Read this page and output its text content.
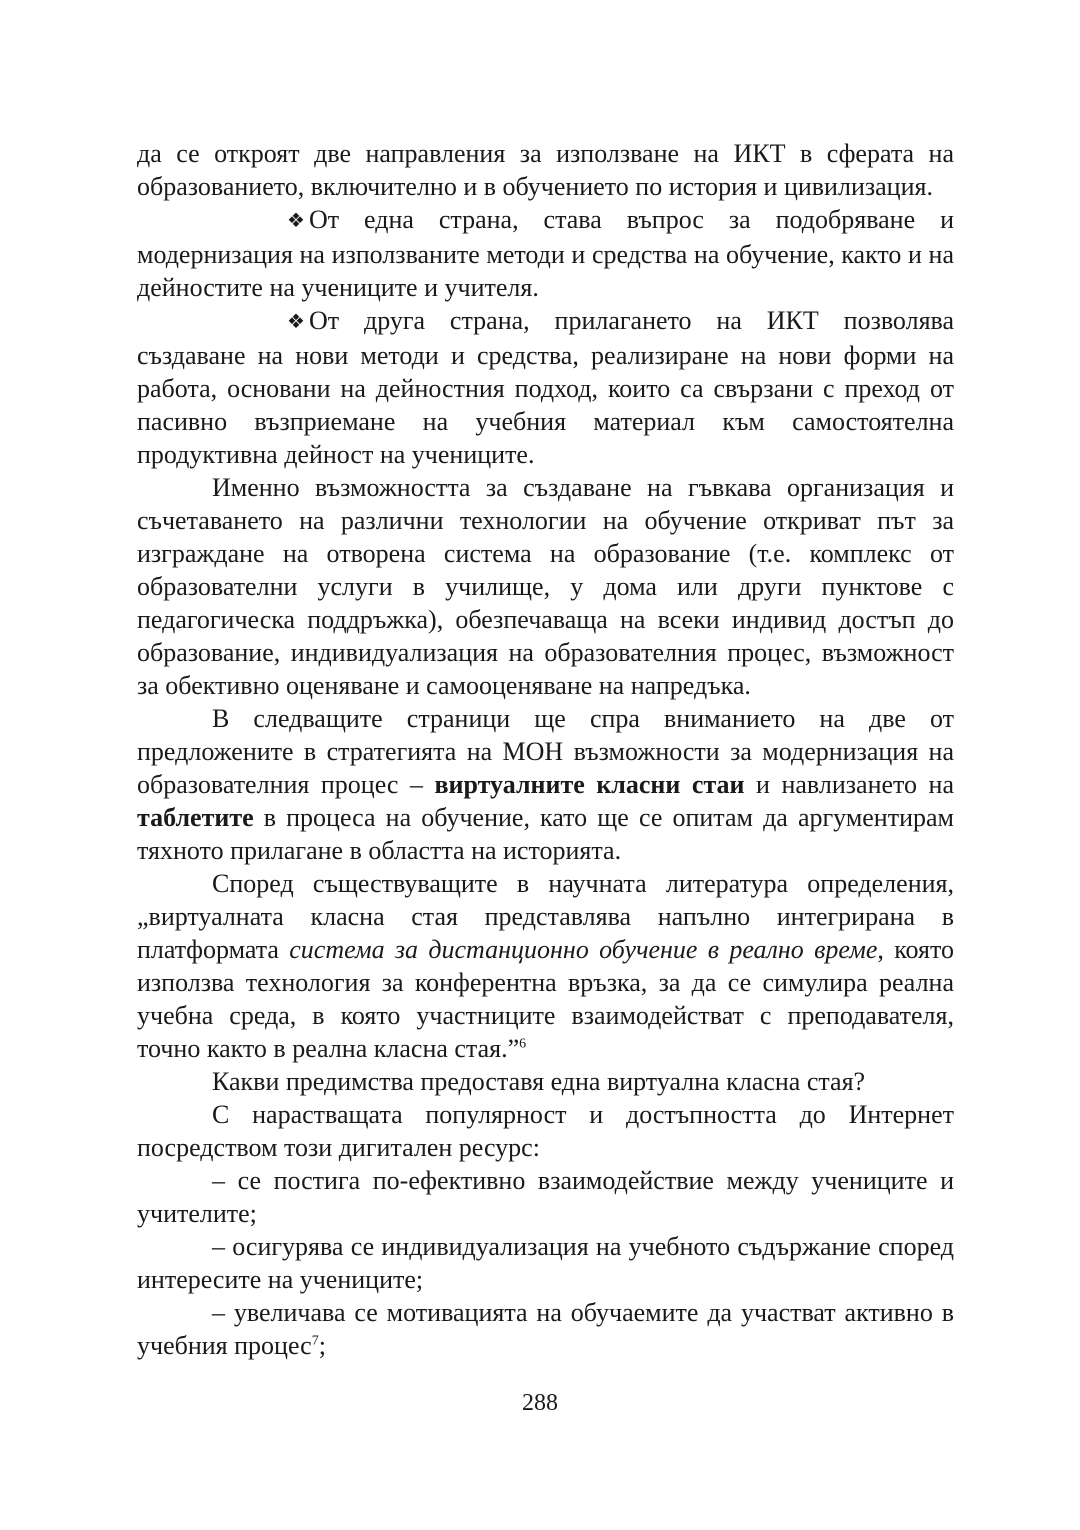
да се откроят две направления за използване на ИКТ в сферата на образованието, включително и в обучението по история и цивилизация.

❖ От една страна, става въпрос за подобряване и модернизация на използваните методи и средства на обучение, както и на дейностите на учениците и учителя.

❖ От друга страна, прилагането на ИКТ позволява създаване на нови методи и средства, реализиране на нови форми на работа, основани на дейностния подход, които са свързани с преход от пасивно възприемане на учебния материал към самостоятелна продуктивна дейност на учениците.

Именно възможността за създаване на гъвкава организация и съчетаването на различни технологии на обучение откриват път за изграждане на отворена система на образование (т.е. комплекс от образователни услуги в училище, у дома или други пунктове с педагогическа поддръжка), обезпечаваща на всеки индивид достъп до образование, индивидуализация на образователния процес, възможност за обективно оценяване и самооценяване на напредъка.

В следващите страници ще спра вниманието на две от предложените в стратегията на МОН възможности за модернизация на образователния процес – виртуалните класни стаи и навлизането на таблетите в процеса на обучение, като ще се опитам да аргументирам тяхното прилагане в областта на историята.

Според съществуващите в научната литература определения, „виртуалната класна стая представлява напълно интегрирана в платформата система за дистанционно обучение в реално време, която използва технология за конферентна връзка, за да се симулира реална учебна среда, в която участниците взаимодействат с преподавателя, точно както в реална класна стая.”$^6$

Какви предимства предоставя една виртуална класна стая?

С нарастващата популярност и достъпността до Интернет посредством този дигитален ресурс:

– се постига по-ефективно взаимодействие между учениците и учителите;

– осигурява се индивидуализация на учебното съдържание според интересите на учениците;

– увеличава се мотивацията на обучаемите да участват активно в учебния процес$^7$;

288
